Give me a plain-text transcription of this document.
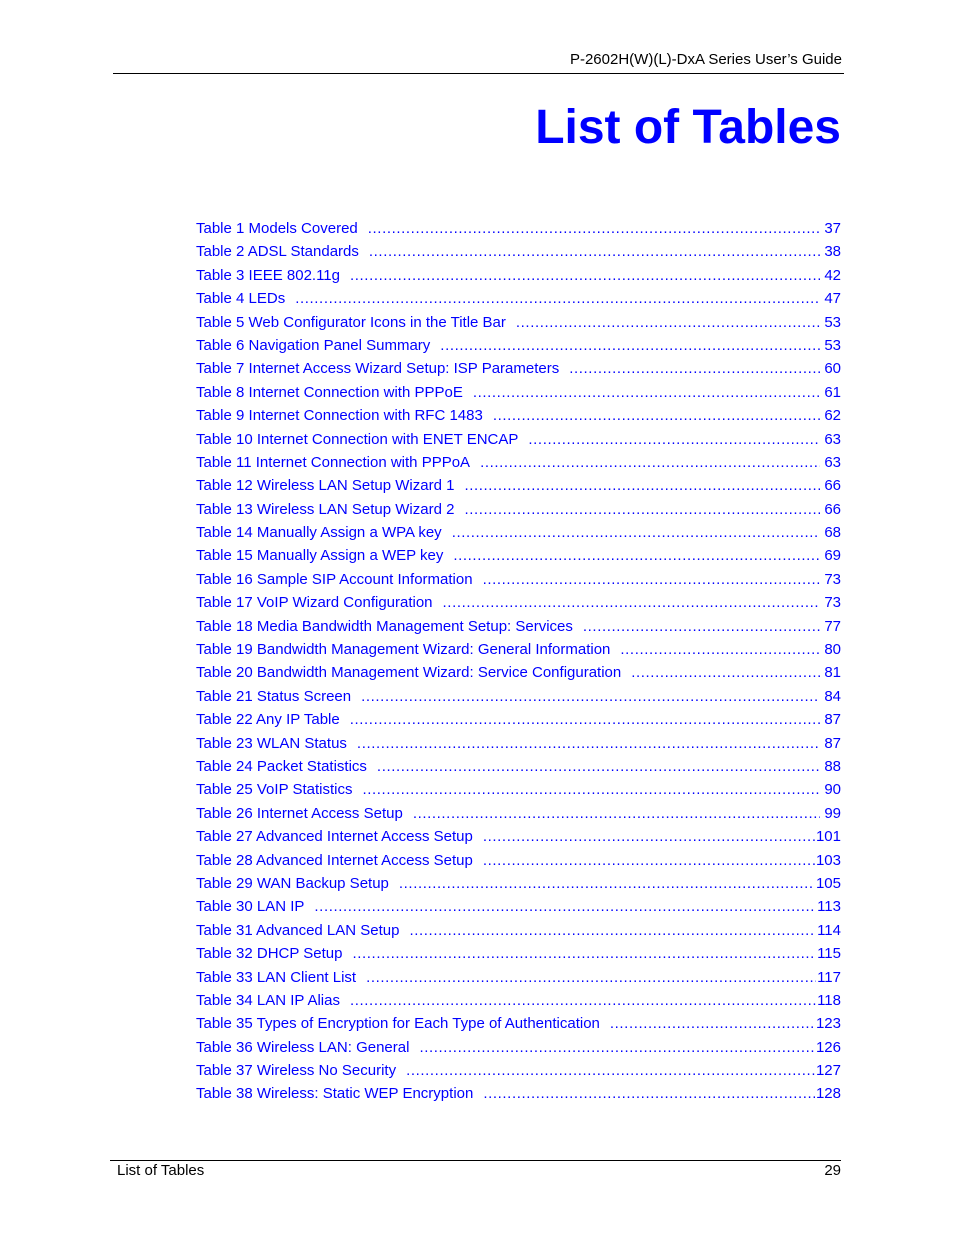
P-2602H(W)(L)-DxA Series User’s Guide
List of Tables
Table 1 Models Covered .....	37
Table 2 ADSL Standards .....	38
Table 3 IEEE 802.11g .....	42
Table 4 LEDs .....	47
Table 5 Web Configurator Icons in the Title Bar .....	53
Table 6 Navigation Panel Summary .....	53
Table 7 Internet Access Wizard Setup: ISP Parameters .....	60
Table 8 Internet Connection with PPPoE .....	61
Table 9 Internet Connection with RFC 1483 .....	62
Table 10 Internet Connection with ENET ENCAP .....	63
Table 11 Internet Connection with PPPoA .....	63
Table 12 Wireless LAN Setup Wizard 1 .....	66
Table 13 Wireless LAN Setup Wizard 2 .....	66
Table 14 Manually Assign a WPA key .....	68
Table 15 Manually Assign a WEP key .....	69
Table 16 Sample SIP Account Information .....	73
Table 17 VoIP Wizard Configuration .....	73
Table 18 Media Bandwidth Management Setup: Services .....	77
Table 19 Bandwidth Management Wizard: General Information .....	80
Table 20 Bandwidth Management Wizard: Service Configuration .....	81
Table 21 Status Screen .....	84
Table 22 Any IP Table .....	87
Table 23 WLAN Status .....	87
Table 24 Packet Statistics .....	88
Table 25 VoIP Statistics .....	90
Table 26 Internet Access Setup .....	99
Table 27 Advanced Internet Access Setup .....	101
Table 28 Advanced Internet Access Setup .....	103
Table 29 WAN Backup Setup .....	105
Table 30 LAN IP .....	113
Table 31 Advanced LAN Setup .....	114
Table 32 DHCP Setup .....	115
Table 33 LAN Client List .....	117
Table 34 LAN IP Alias .....	118
Table 35 Types of Encryption for Each Type of Authentication .....	123
Table 36 Wireless LAN: General .....	126
Table 37 Wireless No Security .....	127
Table 38 Wireless: Static WEP Encryption .....	128
List of Tables	29
